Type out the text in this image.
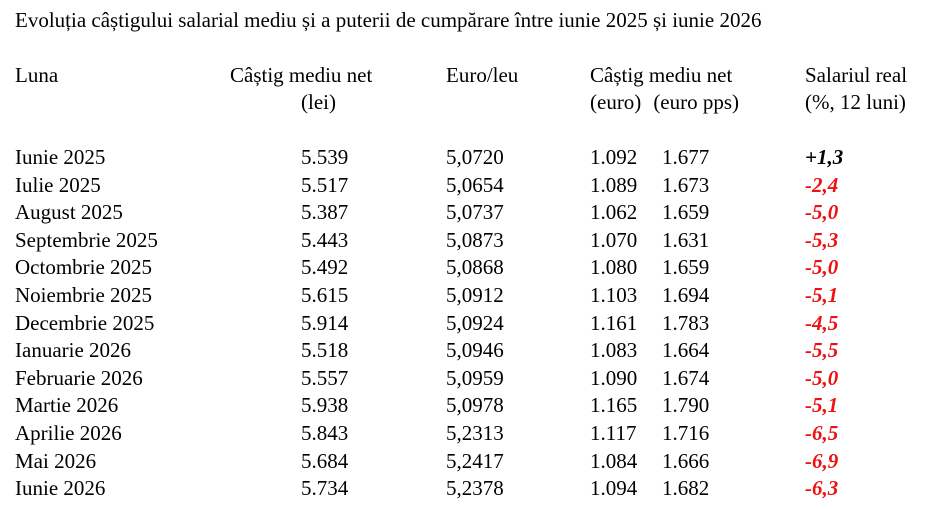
Evoluția câștigului salarial mediu și a puterii de cumpărare între iunie 2025 și iunie 2026
Luna	Câștig mediu net
(lei)
Euro/leu	Câștig mediu net
(euro) (euro pps)
Salariul real
(%, 12 luni)
Iunie 2025	5.539	5,0720	1.092 1.677	+1,3
Iulie 2025	5.517	5,0654	1.089 1.673	-2,4
August 2025	5.387	5,0737	1.062 1.659	-5,0
Septembrie 2025	5.443	5,0873	1.070 1.631	-5,3
Octombrie 2025	5.492	5,0868	1.080 1.659	-5,0
Noiembrie 2025	5.615	5,0912	1.103 1.694	-5,1
Decembrie 2025	5.914	5,0924	1.161 1.783	-4,5
Ianuarie 2026	5.518	5,0946	1.083 1.664	-5,5
Februarie 2026	5.557	5,0959	1.090 1.674	-5,0
Martie 2026	5.938	5,0978	1.165 1.790	-5,1
Aprilie 2026	5.843	5,2313	1.117 1.716	-6,5
Mai 2026	5.684	5,2417	1.084 1.666	-6,9
Iunie 2026	5.734	5,2378	1.094 1.682	-6,3
